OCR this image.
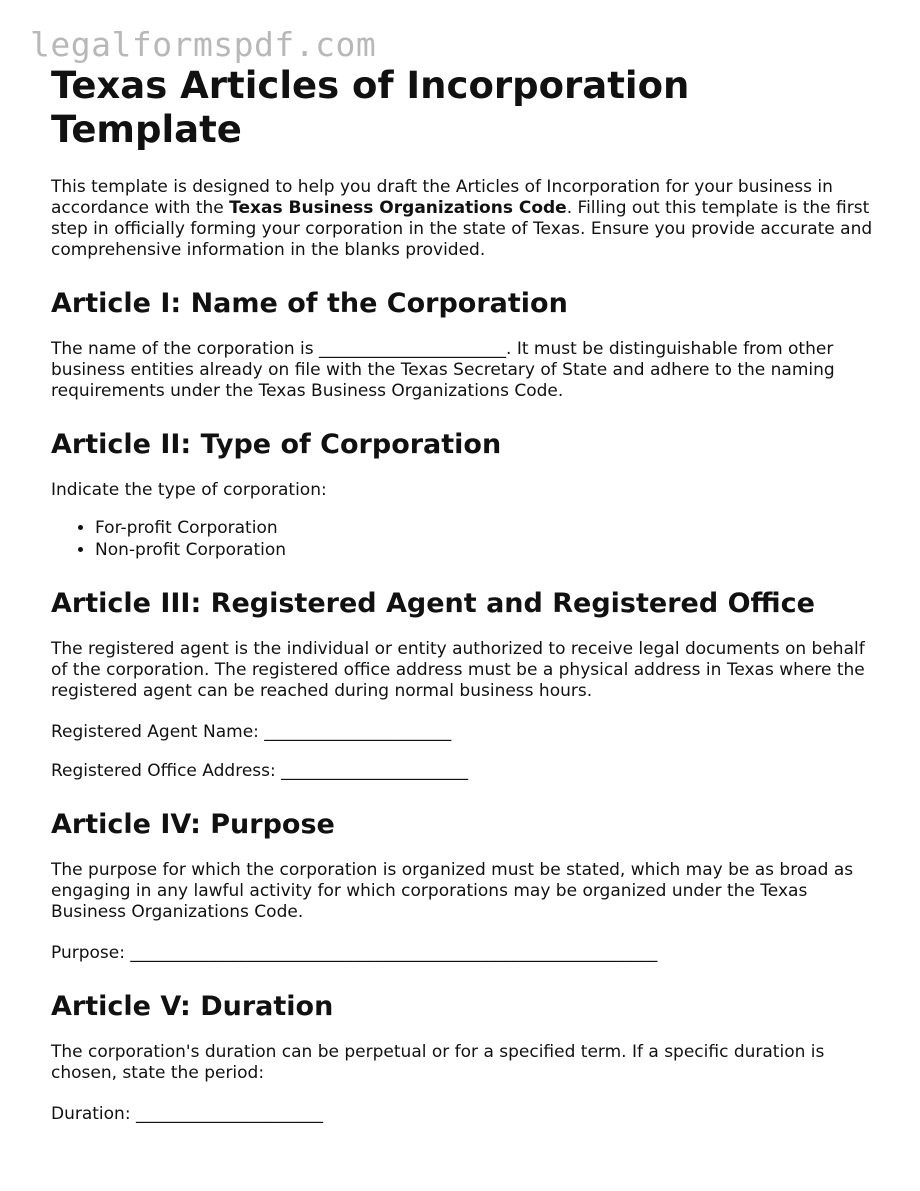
legalformspdf.com
Texas Articles of Incorporation Template

This template is designed to help you draft the Articles of Incorporation for your business in accordance with the Texas Business Organizations Code. Filling out this template is the first step in officially forming your corporation in the state of Texas. Ensure you provide accurate and comprehensive information in the blanks provided.

Article I: Name of the Corporation

The name of the corporation is ______________________. It must be distinguishable from other business entities already on file with the Texas Secretary of State and adhere to the naming requirements under the Texas Business Organizations Code.

Article II: Type of Corporation

Indicate the type of corporation:

• For-profit Corporation
• Non-profit Corporation
Article III: Registered Agent and Registered Office

The registered agent is the individual or entity authorized to receive legal documents on behalf of the corporation. The registered office address must be a physical address in Texas where the registered agent can be reached during normal business hours.

Registered Agent Name: ______________________

Registered Office Address: ______________________

Article IV: Purpose

The purpose for which the corporation is organized must be stated, which may be as broad as engaging in any lawful activity for which corporations may be organized under the Texas Business Organizations Code.

Purpose: ______________________________________________________________

Article V: Duration

The corporation's duration can be perpetual or for a specified term. If a specific duration is chosen, state the period:

Duration: ______________________
